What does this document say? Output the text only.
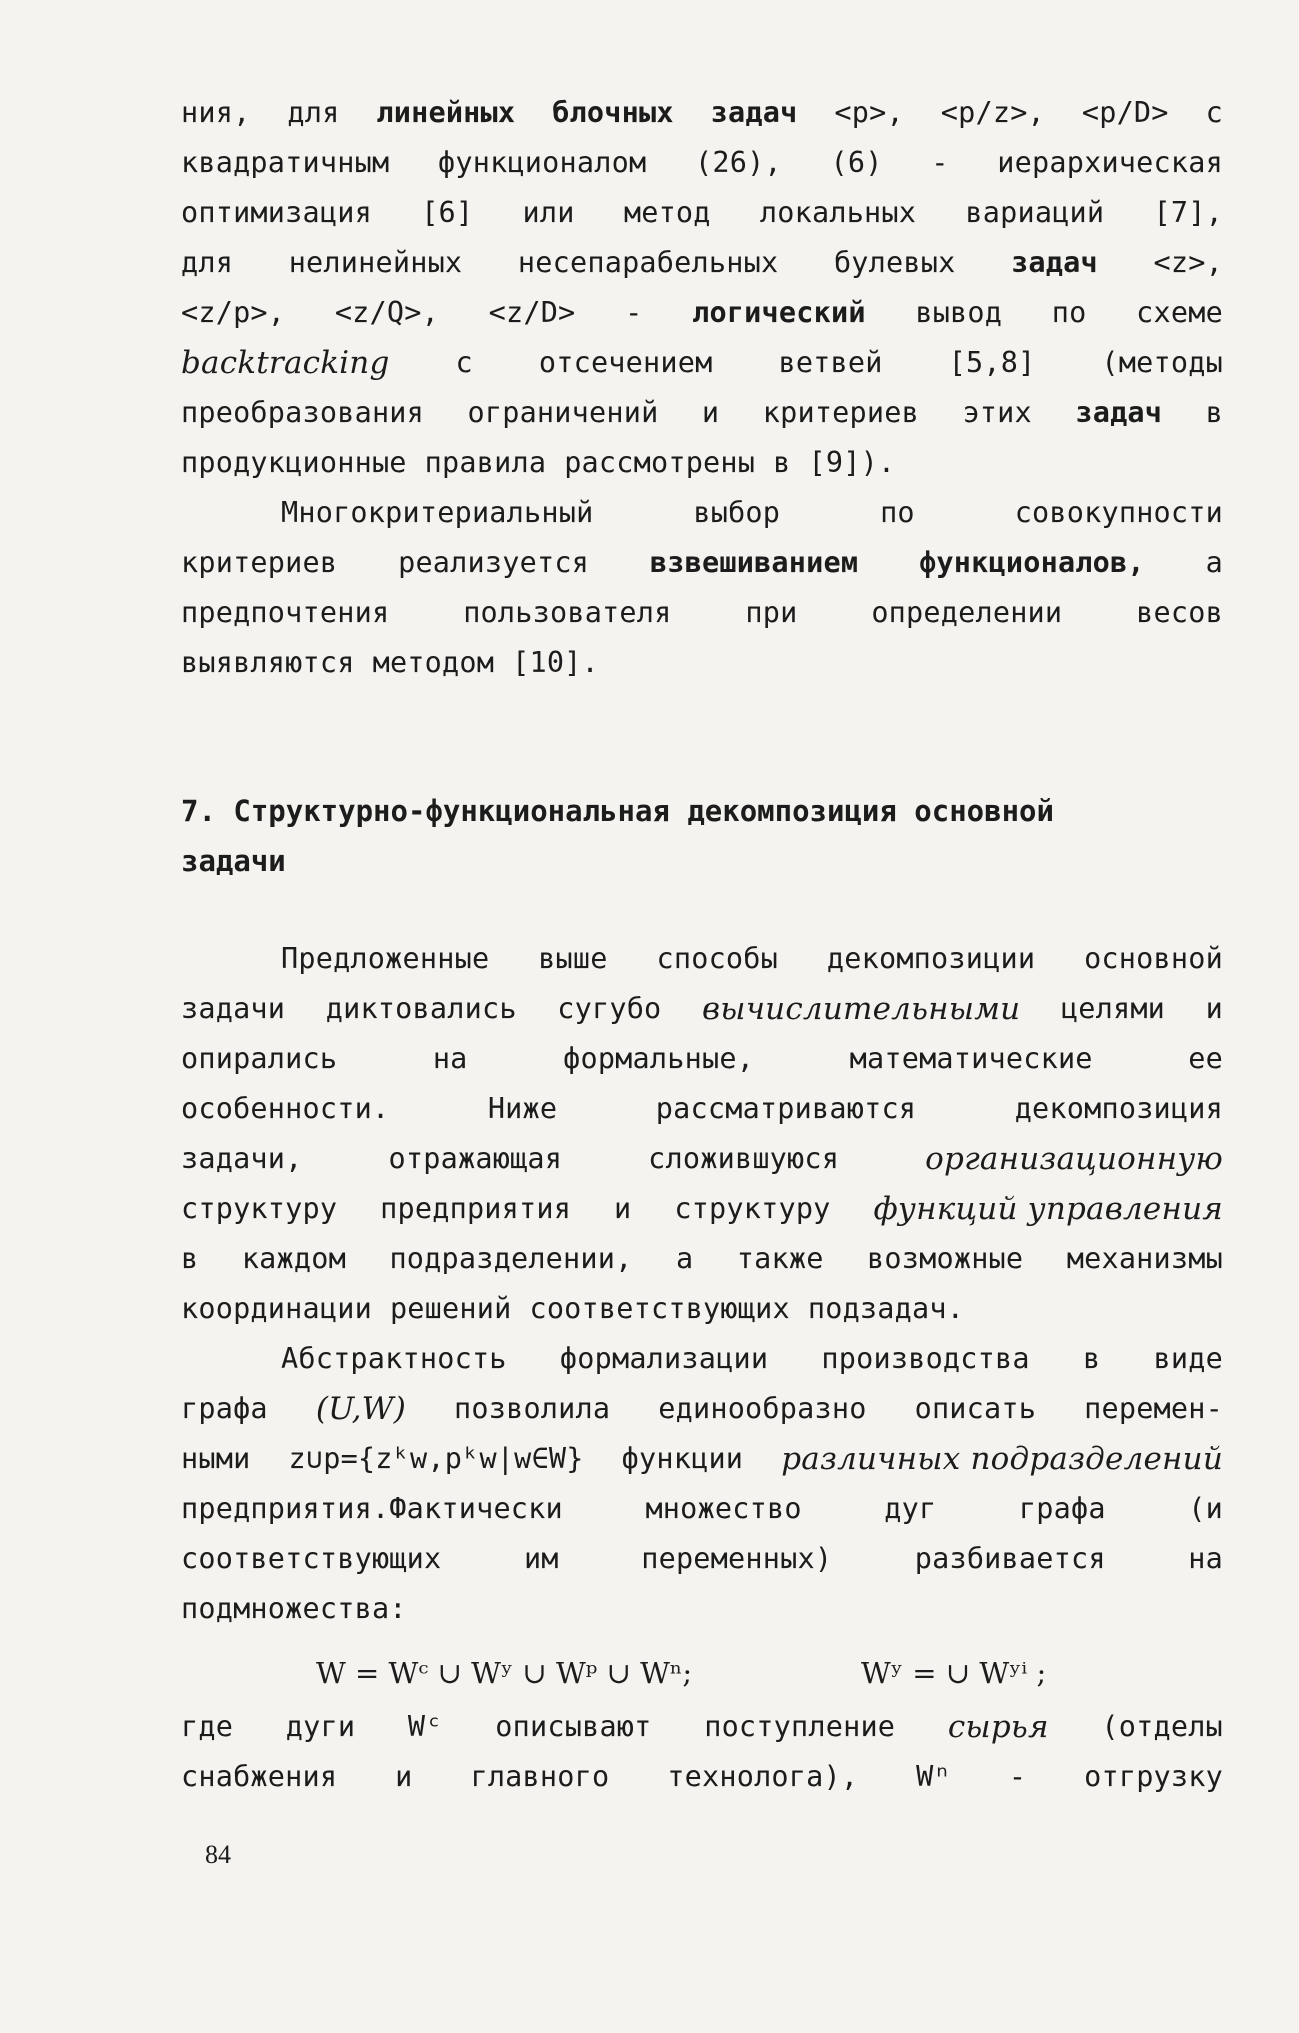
ния, для линейных блочных задач <p>, <p/z>, <p/D> с
квадратичным функционалом (26), (6) - иерархическая
оптимизация [6] или метод локальных вариаций [7],
для нелинейных несепарабельных булевых задач <z>,
<z/p>, <z/Q>, <z/D> - логический вывод по схеме
backtracking с отсечением ветвей [5,8] (методы
преобразования ограничений и критериев этих задач в
продукционные правила рассмотрены в [9]).
Многокритериальный	выбор	по	совокупности
критериев реализуется взвешиванием функционалов, а
предпочтения	пользователя	при	определении	весов
выявляются методом [10].
7. Структурно-функциональная декомпозиция основной
задачи
Предложенные выше способы декомпозиции основной
задачи диктовались сугубо вычислительными целями и
опирались	на	формальные,	математические	ее
особенности.	Ниже	рассматриваются	декомпозиция
задачи,	отражающая	сложившуюся	организационную
структуру предприятия и структуру функций управления
в каждом подразделении, а также возможные механизмы
координации решений соответствующих подзадач.
Абстрактность формализации производства в виде
графа (U,W) позволила единообразно описать перемен-
ными z∪p={zᵏw,pᵏw|w∈W} функции различных подразделений
предприятия.Фактически	множество	дуг	графа	(и
соответствующих	им	переменных)	разбивается	на
подмножества:
W = Wᶜ ∪ Wʸ ∪ Wᵖ ∪ Wⁿ;	Wʸ = ∪ Wʸⁱ ;
где дуги Wᶜ описывают поступление сырья (отделы
снабжения и главного технолога), Wⁿ - отгрузку
84
